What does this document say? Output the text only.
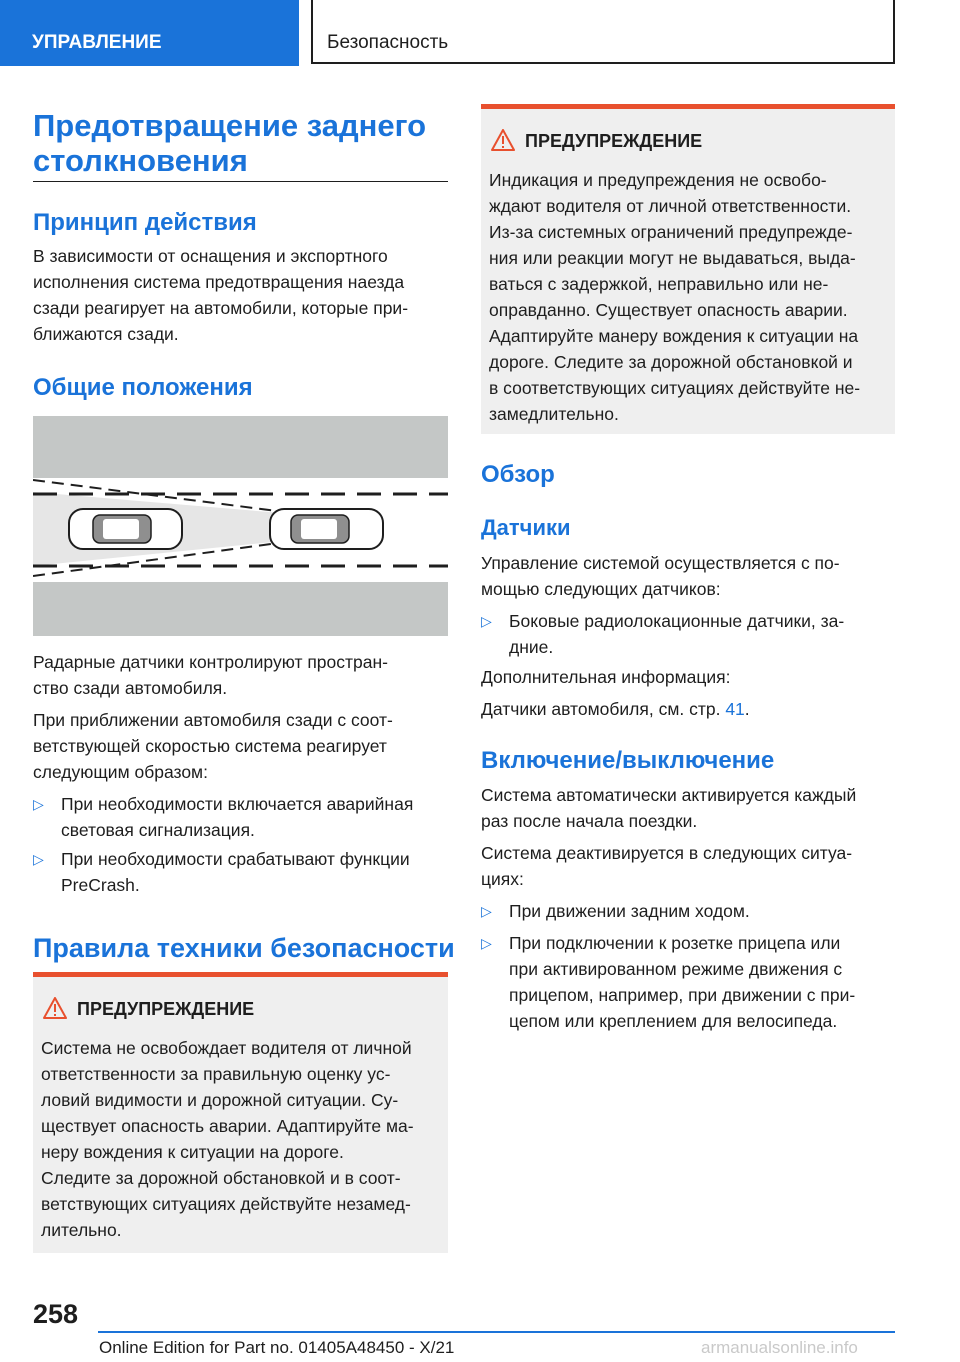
УПРАВЛЕНИЕ	Безопасность
Предотвращение заднего
столкновения
Принцип действия
В зависимости от оснащения и экспортного
исполнения система предотвращения наезда
сзади реагирует на автомобили, которые при-
ближаются сзади.
Общие положения
Радарные датчики контролируют простран-
ство сзади автомобиля.
При приближении автомобиля сзади с соот-
ветствующей скоростью система реагирует
следующим образом:
▷ При необходимости включается аварийная
световая сигнализация.
▷ При необходимости срабатывают функции
PreCrash.
Правила техники безопасности
ПРЕДУПРЕЖДЕНИЕ
Система не освобождает водителя от личной
ответственности за правильную оценку ус-
ловий видимости и дорожной ситуации. Су-
ществует опасность аварии. Адаптируйте ма-
неру вождения к ситуации на дороге.
Следите за дорожной обстановкой и в соот-
ветствующих ситуациях действуйте незамед-
лительно.
ПРЕДУПРЕЖДЕНИЕ
Индикация и предупреждения не освобо-
ждают водителя от личной ответственности.
Из-за системных ограничений предупрежде-
ния или реакции могут не выдаваться, выда-
ваться с задержкой, неправильно или не-
оправданно. Существует опасность аварии.
Адаптируйте манеру вождения к ситуации на
дороге. Следите за дорожной обстановкой и
в соответствующих ситуациях действуйте не-
замедлительно.
Обзор
Датчики
Управление системой осуществляется с по-
мощью следующих датчиков:
▷ Боковые радиолокационные датчики, за-
дние.
Дополнительная информация:
Датчики автомобиля, см. стр. 41.
Включение/выключение
Система автоматически активируется каждый
раз после начала поездки.
Система деактивируется в следующих ситуа-
циях:
▷ При движении задним ходом.
▷ При подключении к розетке прицепа или
при активированном режиме движения с
прицепом, например, при движении с при-
цепом или креплением для велосипеда.
258
Online Edition for Part no. 01405A48450 - X/21	armanualsonline.info
